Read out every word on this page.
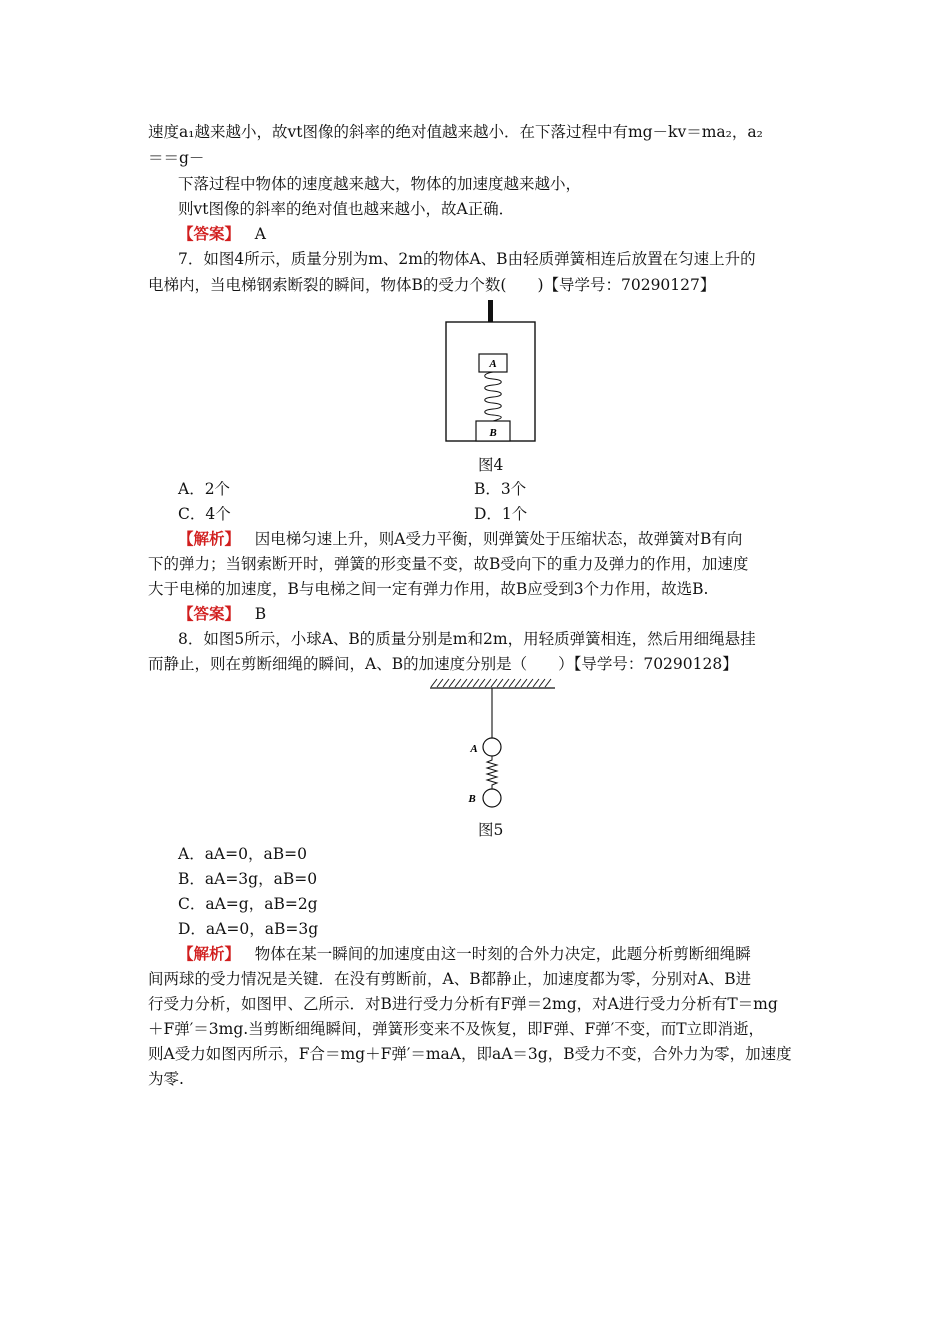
速度a₁越来越小，故vt图像的斜率的绝对值越来越小．在下落过程中有mg－kv＝ma₂，a₂
＝＝g－
下落过程中物体的速度越来越大，物体的加速度越来越小，
则vt图像的斜率的绝对值也越来越小，故A正确．
【答案】 A
7．如图4所示，质量分别为m、2m的物体A、B由轻质弹簧相连后放置在匀速上升的
电梯内，当电梯钢索断裂的瞬间，物体B的受力个数(　　)【导学号：70290127】
A
B
图4
A．2个	B．3个
C．4个	D．1个
【解析】 因电梯匀速上升，则A受力平衡，则弹簧处于压缩状态，故弹簧对B有向
下的弹力；当钢索断开时，弹簧的形变量不变，故B受向下的重力及弹力的作用，加速度
大于电梯的加速度，B与电梯之间一定有弹力作用，故B应受到3个力作用，故选B.
【答案】 B
8．如图5所示，小球A、B的质量分别是m和2m，用轻质弹簧相连，然后用细绳悬挂
而静止，则在剪断细绳的瞬间，A、B的加速度分别是（　　）【导学号：70290128】
A
B
图5
A．aA=0，aB=0
B．aA=3g，aB=0
C．aA=g，aB=2g
D．aA=0，aB=3g
【解析】 物体在某一瞬间的加速度由这一时刻的合外力决定，此题分析剪断细绳瞬
间两球的受力情况是关键．在没有剪断前，A、B都静止，加速度都为零，分别对A、B进
行受力分析，如图甲、乙所示．对B进行受力分析有F弹＝2mg，对A进行受力分析有T＝mg
＋F弹′＝3mg.当剪断细绳瞬间，弹簧形变来不及恢复，即F弹、F弹′不变，而T立即消逝，
则A受力如图丙所示，F合＝mg＋F弹′＝maA，即aA＝3g，B受力不变，合外力为零，加速度
为零.
